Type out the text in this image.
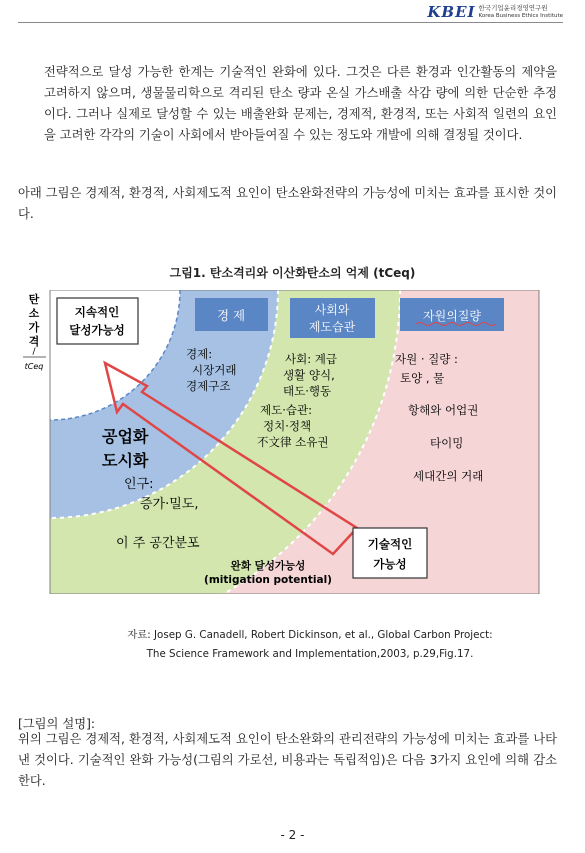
KBEI 한국기업윤리경영연구원
Korea Business Ethics Institute
전략적으로 달성 가능한 한계는 기술적인 완화에 있다. 그것은 다른 환경과 인간활동의 제약을 고려하지 않으며, 생물물리학으로 격리된 탄소 량과 온실 가스배출 삭감 량에 의한 단순한 추정이다. 그러나 실제로 달성할 수 있는 배출완화 문제는, 경제적, 환경적, 또는 사회적 일련의 요인을 고려한 각각의 기술이 사회에서 받아들여질 수 있는 정도와 개발에 의해 결정될 것이다.
아래 그림은 경제적, 환경적, 사회제도적 요인이 탄소완화전략의 가능성에 미치는 효과를 표시한 것이다.
그림1. 탄소격리와 이산화탄소의 억제 (tCeq)
탄
소
가
격
/
tCeq
지속적인
달성가능성
경 제	사회와
제도습관
자원의질량
경제:
시장거래
경제구조
공업화
도시화
인구:
증가·밀도,
이 주 공간분포
사회: 계급
생활 양식,
태도·행동
제도·습관:
정치·정책
不文律 소유권
자원 · 질량 :
토양 , 물
항해와 어업권
타이밍
세대간의 거래
완화 달성가능성
(mitigation potential)
기술적인
가능성
자료: Josep G. Canadell, Robert Dickinson, et al., Global Carbon Project:
The Science Framework and Implementation,2003, p.29,Fig.17.
[그림의 설명]:
위의 그림은 경제적, 환경적, 사회제도적 요인이 탄소완화의 관리전략의 가능성에 미치는 효과를 나타낸 것이다. 기술적인 완화 가능성(그림의 가로선, 비용과는 독립적임)은 다음 3가지 요인에 의해 감소한다.
- 2 -
